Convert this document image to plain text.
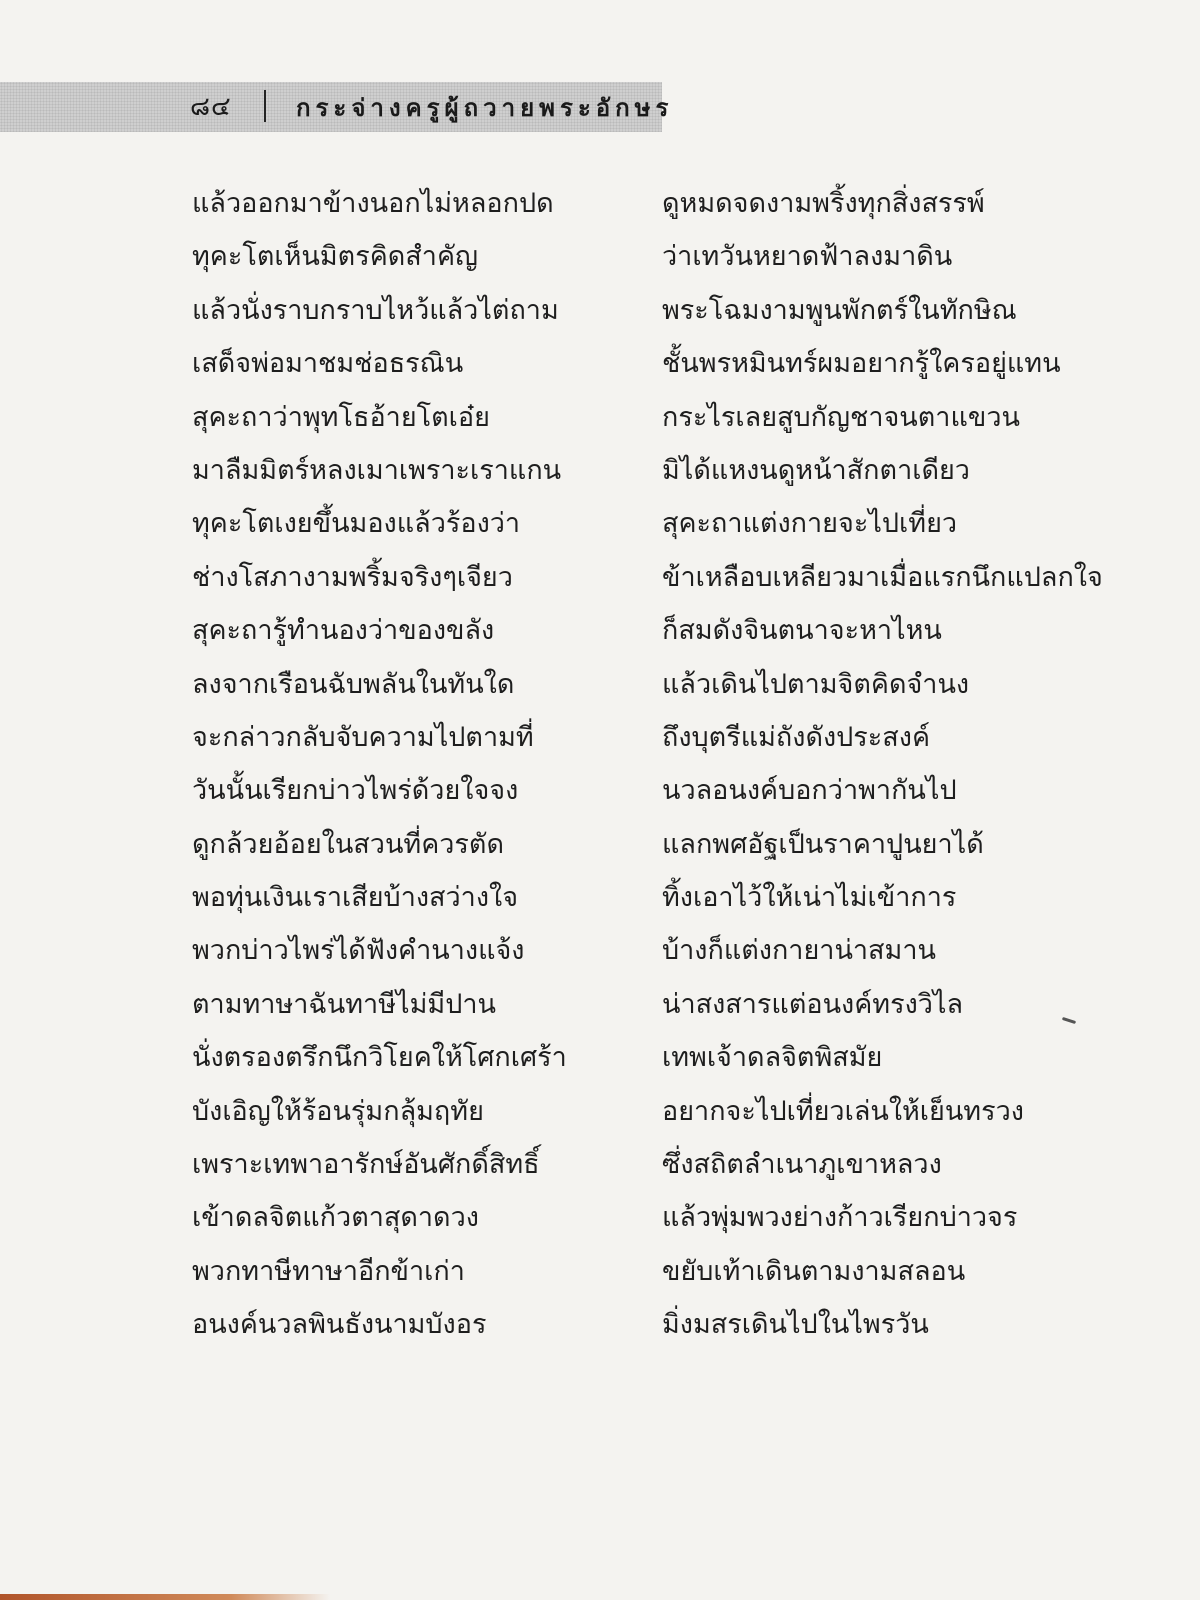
๘๔	กระจ่างครูผู้ถวายพระอักษร
แล้วออกมาข้างนอกไม่หลอกปด
ทุคะโตเห็นมิตรคิดสำคัญ
แล้วนั่งราบกราบไหว้แล้วไต่ถาม
เสด็จพ่อมาชมช่อธรณิน
สุคะถาว่าพุทโธอ้ายโตเอ๋ย
มาลืมมิตร์หลงเมาเพราะเราแกน
ทุคะโตเงยขึ้นมองแล้วร้องว่า
ช่างโสภางามพริ้มจริงๆเจียว
สุคะถารู้ทำนองว่าของขลัง
ลงจากเรือนฉับพลันในทันใด
จะกล่าวกลับจับความไปตามที่
วันนั้นเรียกบ่าวไพร่ด้วยใจจง
ดูกล้วยอ้อยในสวนที่ควรตัด
พอทุ่นเงินเราเสียบ้างสว่างใจ
พวกบ่าวไพร่ได้ฟังคำนางแจ้ง
ตามทาษาฉันทาษีไม่มีปาน
นั่งตรองตรึกนึกวิโยคให้โศกเศร้า
บังเอิญให้ร้อนรุ่มกลุ้มฤทัย
เพราะเทพาอารักษ์อันศักดิ์สิทธิ์
เข้าดลจิตแก้วตาสุดาดวง
พวกทาษีทาษาอีกข้าเก่า
อนงค์นวลพินธังนามบังอร
ดูหมดจดงามพริ้งทุกสิ่งสรรพ์
ว่าเทวันหยาดฟ้าลงมาดิน
พระโฉมงามพูนพักตร์ในทักษิณ
ชั้นพรหมินทร์ผมอยากรู้ใครอยู่แทน
กระไรเลยสูบกัญชาจนตาแขวน
มิได้แหงนดูหน้าสักตาเดียว
สุคะถาแต่งกายจะไปเที่ยว
ข้าเหลือบเหลียวมาเมื่อแรกนึกแปลกใจ
ก็สมดังจินตนาจะหาไหน
แล้วเดินไปตามจิตคิดจำนง
ถึงบุตรีแม่ถังดังประสงค์
นวลอนงค์บอกว่าพากันไป
แลกพศอัฐเป็นราคาปูนยาได้
ทิ้งเอาไว้ให้เน่าไม่เข้าการ
บ้างก็แต่งกายาน่าสมาน
น่าสงสารแต่อนงค์ทรงวิไล
เทพเจ้าดลจิตพิสมัย
อยากจะไปเที่ยวเล่นให้เย็นทรวง
ซึ่งสถิตลำเนาภูเขาหลวง
แล้วพุ่มพวงย่างก้าวเรียกบ่าวจร
ขยับเท้าเดินตามงามสลอน
มิ่งมสรเดินไปในไพรวัน
